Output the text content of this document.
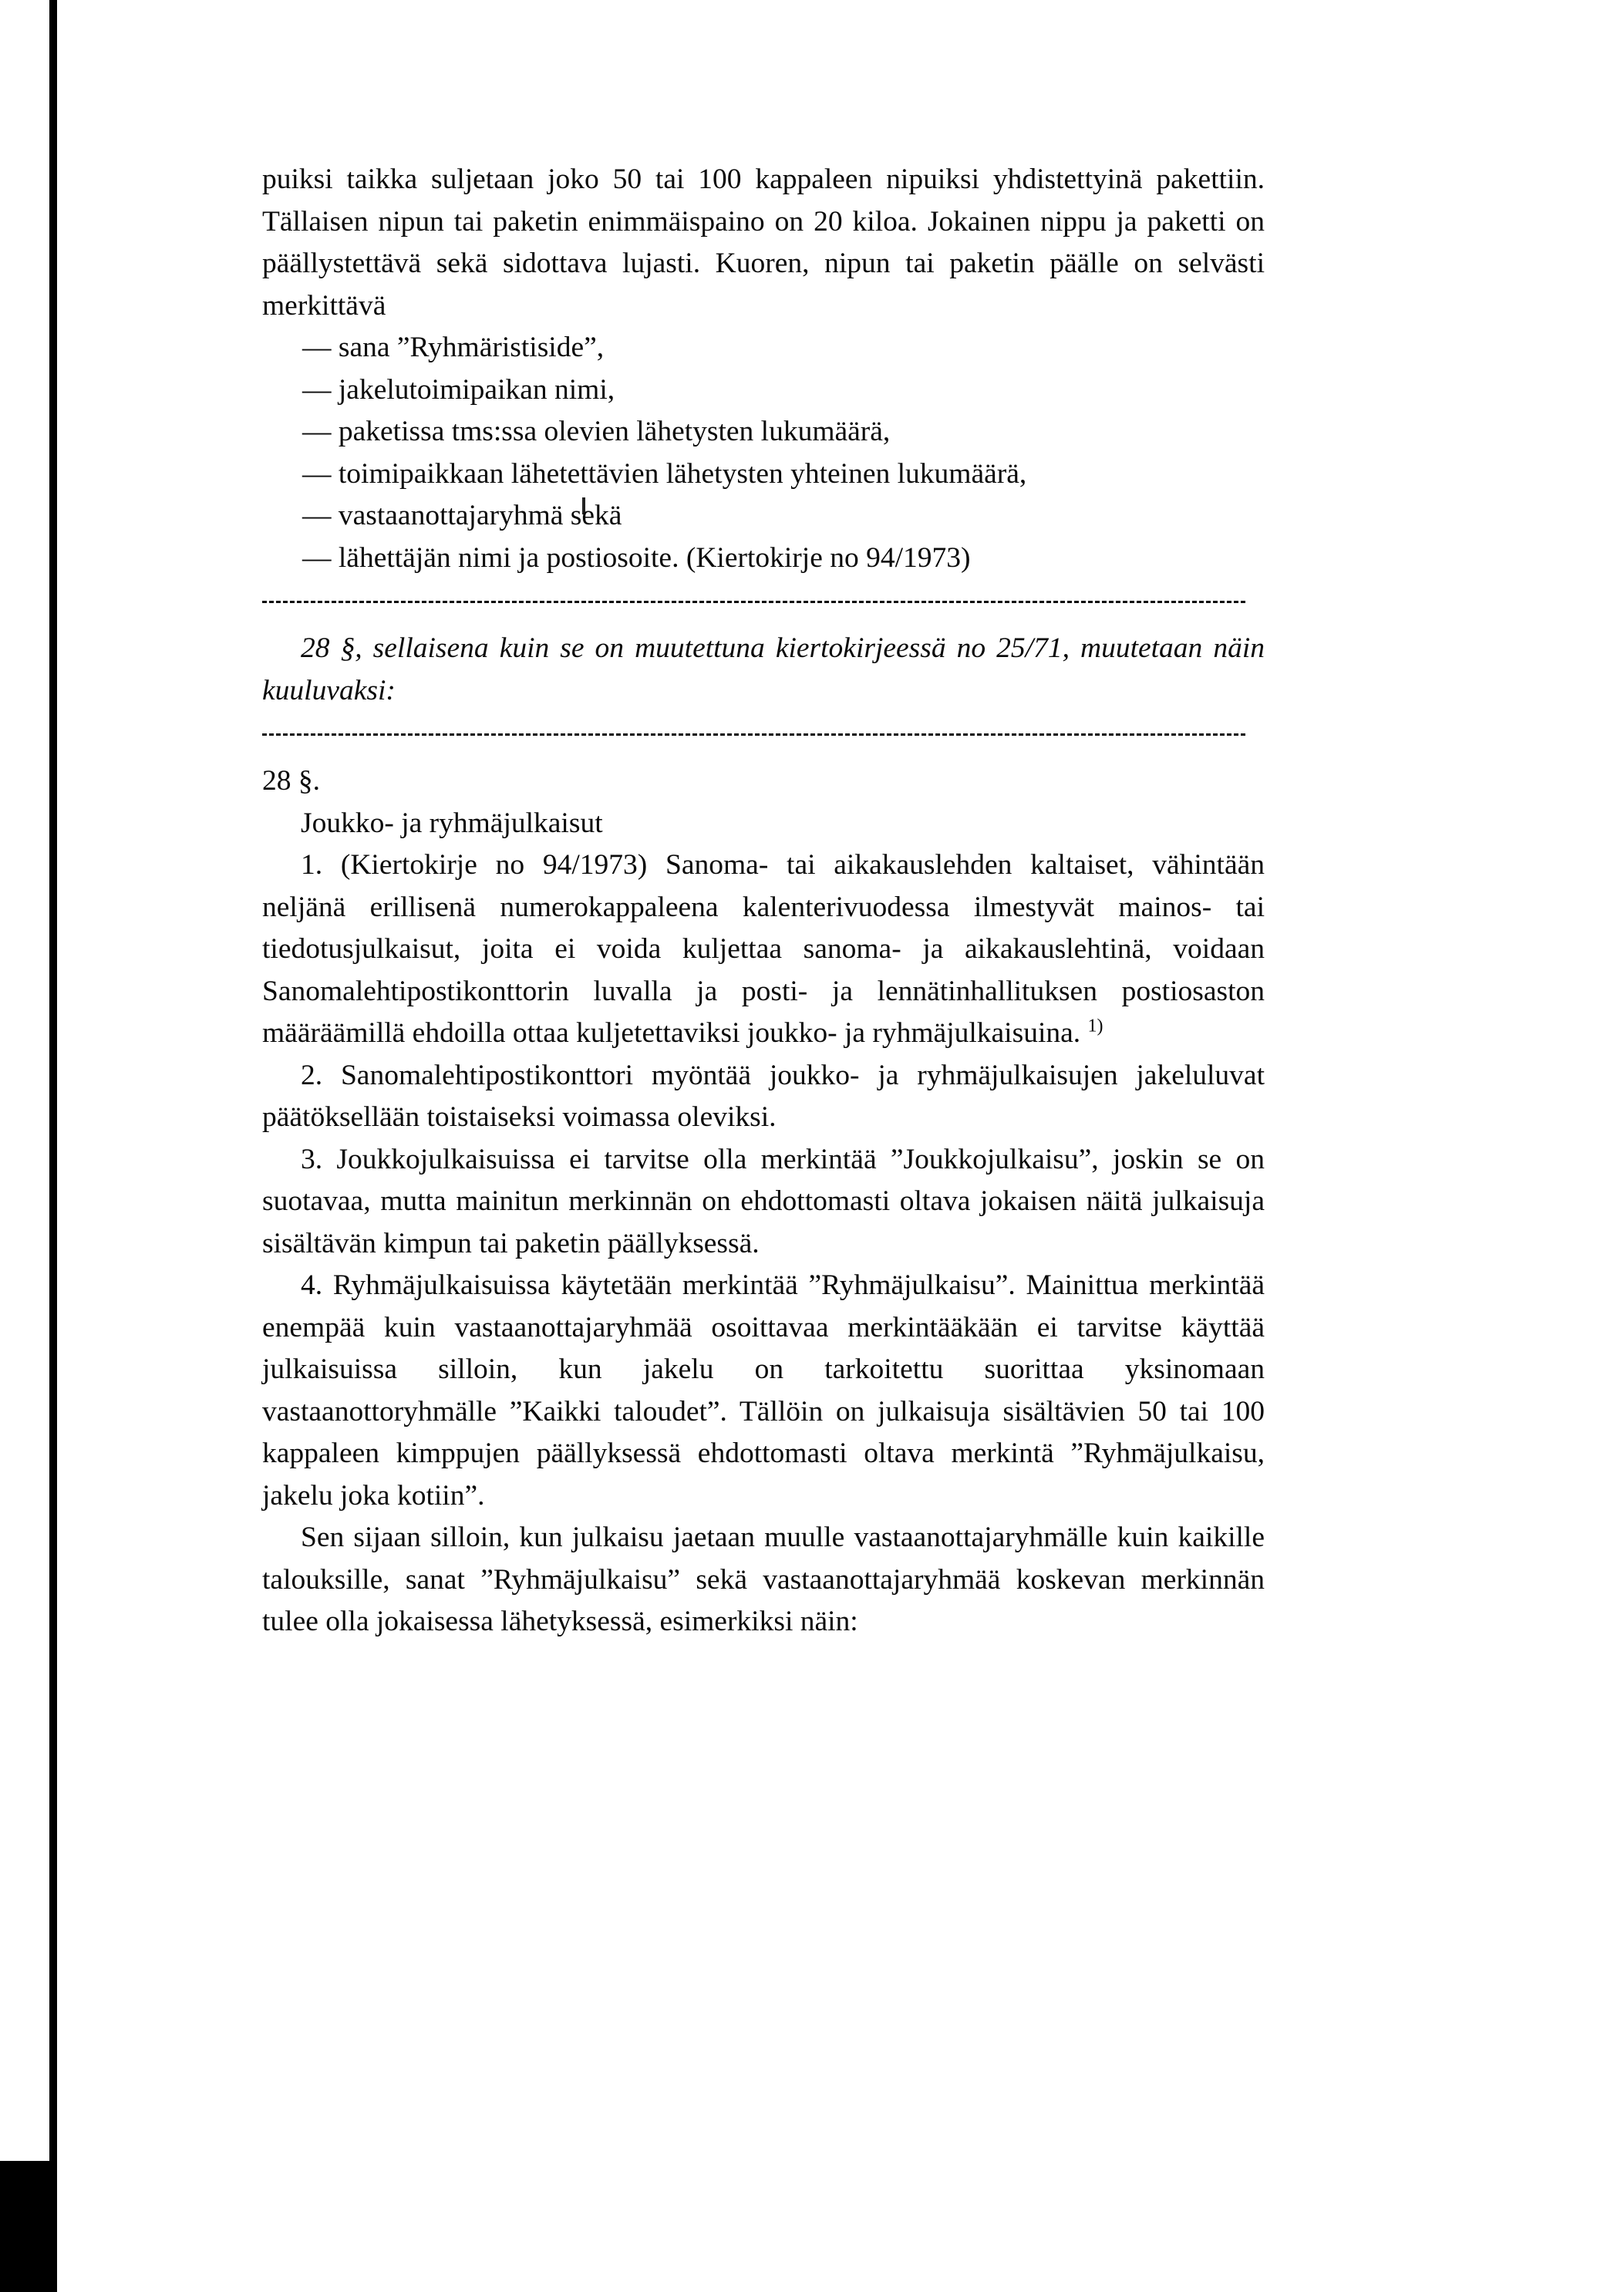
puiksi taikka suljetaan joko 50 tai 100 kappaleen nipuiksi yhdistettyinä pakettiin. Tällaisen nipun tai paketin enimmäispaino on 20 kiloa. Jokainen nippu ja paketti on päällystettävä sekä sidottava lujasti. Kuoren, nipun tai paketin päälle on selvästi merkittävä

— sana ”Ryhmäristiside”,

— jakelutoimipaikan nimi,

— paketissa tms:ssa olevien lähetysten lukumäärä,

— toimipaikkaan lähetettävien lähetysten yhteinen lukumäärä,

— vastaanottajaryhmä sekä

— lähettäjän nimi ja postiosoite. (Kiertokirje no 94/1973)

28 §, sellaisena kuin se on muutettuna kiertokirjeessä no 25/71, muutetaan näin kuuluvaksi:

28 §.

Joukko- ja ryhmäjulkaisut

1. (Kiertokirje no 94/1973) Sanoma- tai aikakauslehden kaltaiset, vähintään neljänä erillisenä numerokappaleena kalenterivuodessa ilmestyvät mainos- tai tiedotusjulkaisut, joita ei voida kuljettaa sanoma- ja aikakauslehtinä, voidaan Sanomalehtipostikonttorin luvalla ja posti- ja lennätinhallituksen postiosaston määräämillä ehdoilla ottaa kuljetettaviksi joukko- ja ryhmäjulkaisuina. $^{1)}$

2. Sanomalehtipostikonttori myöntää joukko- ja ryhmäjulkaisujen jakeluluvat päätöksellään toistaiseksi voimassa oleviksi.

3. Joukkojulkaisuissa ei tarvitse olla merkintää ”Joukkojulkaisu”, joskin se on suotavaa, mutta mainitun merkinnän on ehdottomasti oltava jokaisen näitä julkaisuja sisältävän kimpun tai paketin päällyksessä.

4. Ryhmäjulkaisuissa käytetään merkintää ”Ryhmäjulkaisu”. Mainittua merkintää enempää kuin vastaanottajaryhmää osoittavaa merkintääkään ei tarvitse käyttää julkaisuissa silloin, kun jakelu on tarkoitettu suorittaa yksinomaan vastaanottoryhmälle ”Kaikki taloudet”. Tällöin on julkaisuja sisältävien 50 tai 100 kappaleen kimppujen päällyksessä ehdottomasti oltava merkintä ”Ryhmäjulkaisu, jakelu joka kotiin”.

Sen sijaan silloin, kun julkaisu jaetaan muulle vastaanottajaryhmälle kuin kaikille talouksille, sanat ”Ryhmäjulkaisu” sekä vastaanottajaryhmää koskevan merkinnän tulee olla jokaisessa lähetyksessä, esimerkiksi näin:
